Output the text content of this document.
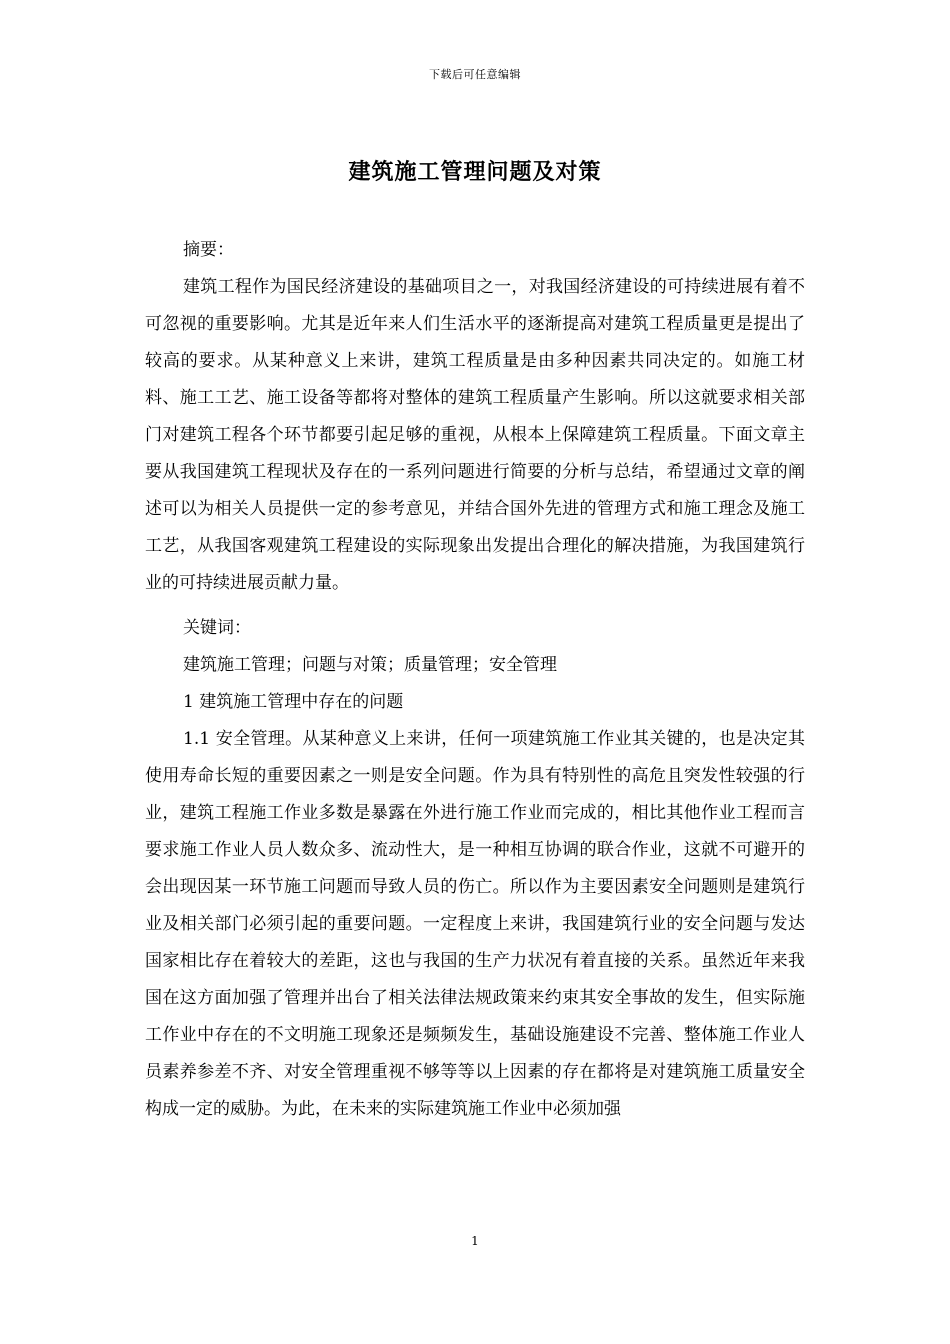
下载后可任意编辑
建筑施工管理问题及对策

摘要：

建筑工程作为国民经济建设的基础项目之一，对我国经济建设的可持续进展有着不可忽视的重要影响。尤其是近年来人们生活水平的逐渐提高对建筑工程质量更是提出了较高的要求。从某种意义上来讲，建筑工程质量是由多种因素共同决定的。如施工材料、施工工艺、施工设备等都将对整体的建筑工程质量产生影响。所以这就要求相关部门对建筑工程各个环节都要引起足够的重视，从根本上保障建筑工程质量。下面文章主要从我国建筑工程现状及存在的一系列问题进行简要的分析与总结，希望通过文章的阐述可以为相关人员提供一定的参考意见，并结合国外先进的管理方式和施工理念及施工工艺，从我国客观建筑工程建设的实际现象出发提出合理化的解决措施，为我国建筑行业的可持续进展贡献力量。

关键词：

建筑施工管理；问题与对策；质量管理；安全管理

1 建筑施工管理中存在的问题

1.1 安全管理。从某种意义上来讲，任何一项建筑施工作业其关键的，也是决定其使用寿命长短的重要因素之一则是安全问题。作为具有特别性的高危且突发性较强的行业，建筑工程施工作业多数是暴露在外进行施工作业而完成的，相比其他作业工程而言要求施工作业人员人数众多、流动性大，是一种相互协调的联合作业，这就不可避开的会出现因某一环节施工问题而导致人员的伤亡。所以作为主要因素安全问题则是建筑行业及相关部门必须引起的重要问题。一定程度上来讲，我国建筑行业的安全问题与发达国家相比存在着较大的差距，这也与我国的生产力状况有着直接的关系。虽然近年来我国在这方面加强了管理并出台了相关法律法规政策来约束其安全事故的发生，但实际施工作业中存在的不文明施工现象还是频频发生，基础设施建设不完善、整体施工作业人员素养参差不齐、对安全管理重视不够等等以上因素的存在都将是对建筑施工质量安全构成一定的威胁。为此，在未来的实际建筑施工作业中必须加强

1
